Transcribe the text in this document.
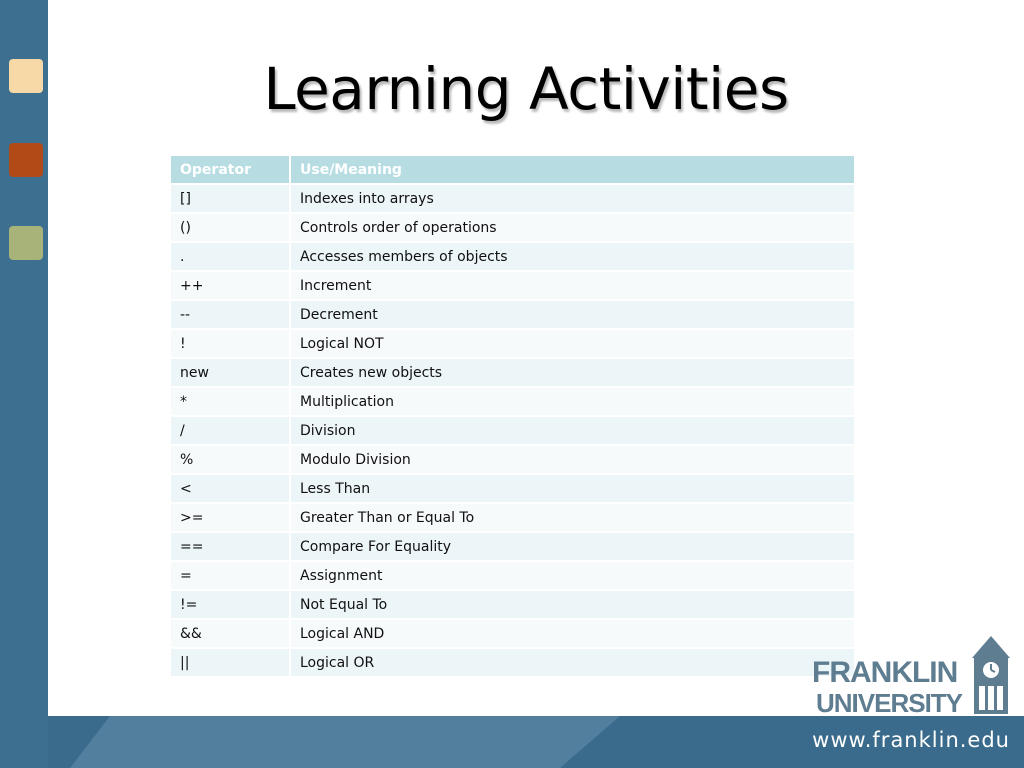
Learning Activities
Operator	Use/Meaning
[]	Indexes into arrays
()	Controls order of operations
.	Accesses members of objects
++	Increment
--	Decrement
!	Logical NOT
new	Creates new objects
*	Multiplication
/	Division
%	Modulo Division
<	Less Than
>=	Greater Than or Equal To
==	Compare For Equality
=	Assignment
!=	Not Equal To
&&	Logical AND
||	Logical OR	FRANKLIN
UNIVERSITY
www.franklin.edu
